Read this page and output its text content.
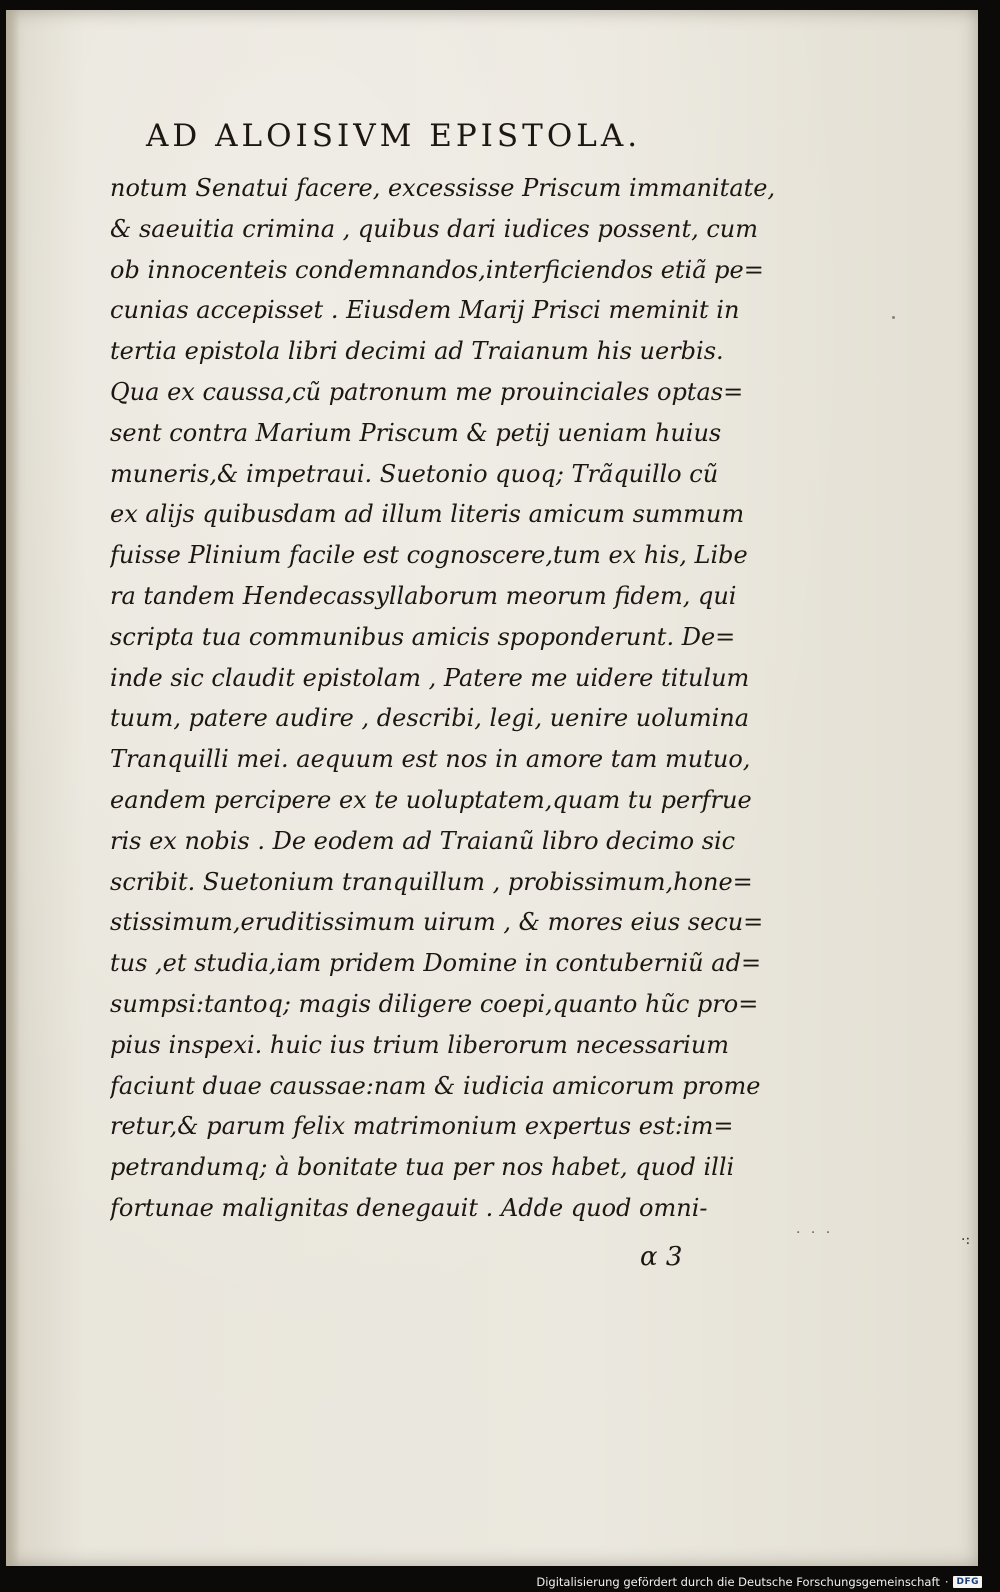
AD ALOISIVM EPISTOLA.
notum Senatui facere, excessisse Priscum immanitate,
& saeuitia crimina , quibus dari iudices possent, cum
ob innocenteis condemnandos,interficiendos etiã pe=
cunias accepisset . Eiusdem Marij Prisci meminit in
tertia epistola libri decimi ad Traianum his uerbis.
Qua ex caussa,cũ patronum me prouinciales optas=
sent contra Marium Priscum & petij ueniam huius
muneris,& impetraui. Suetonio quoq; Trãquillo cũ
ex alijs quibusdam ad illum literis amicum summum
fuisse Plinium facile est cognoscere,tum ex his, Libe
ra tandem Hendecassyllaborum meorum fidem, qui
scripta tua communibus amicis spoponderunt. De=
inde sic claudit epistolam , Patere me uidere titulum
tuum, patere audire , describi, legi, uenire uolumina
Tranquilli mei. aequum est nos in amore tam mutuo,
eandem percipere ex te uoluptatem,quam tu perfrue
ris ex nobis . De eodem ad Traianũ libro decimo sic
scribit. Suetonium tranquillum , probissimum,hone=
stissimum,eruditissimum uirum , & mores eius secu=
tus ,et studia,iam pridem Domine in contuberniũ ad=
sumpsi:tantoq; magis diligere coepi,quanto hũc pro=
pius inspexi. huic ius trium liberorum necessarium
faciunt duae caussae:nam & iudicia amicorum prome
retur,& parum felix matrimonium expertus est:im=
petrandumq; à bonitate tua per nos habet, quod illi
fortunae malignitas denegauit . Adde quod omni-
α 3
· · ·	·:
Digitalisierung gefördert durch die Deutsche Forschungsgemeinschaft · DFG
